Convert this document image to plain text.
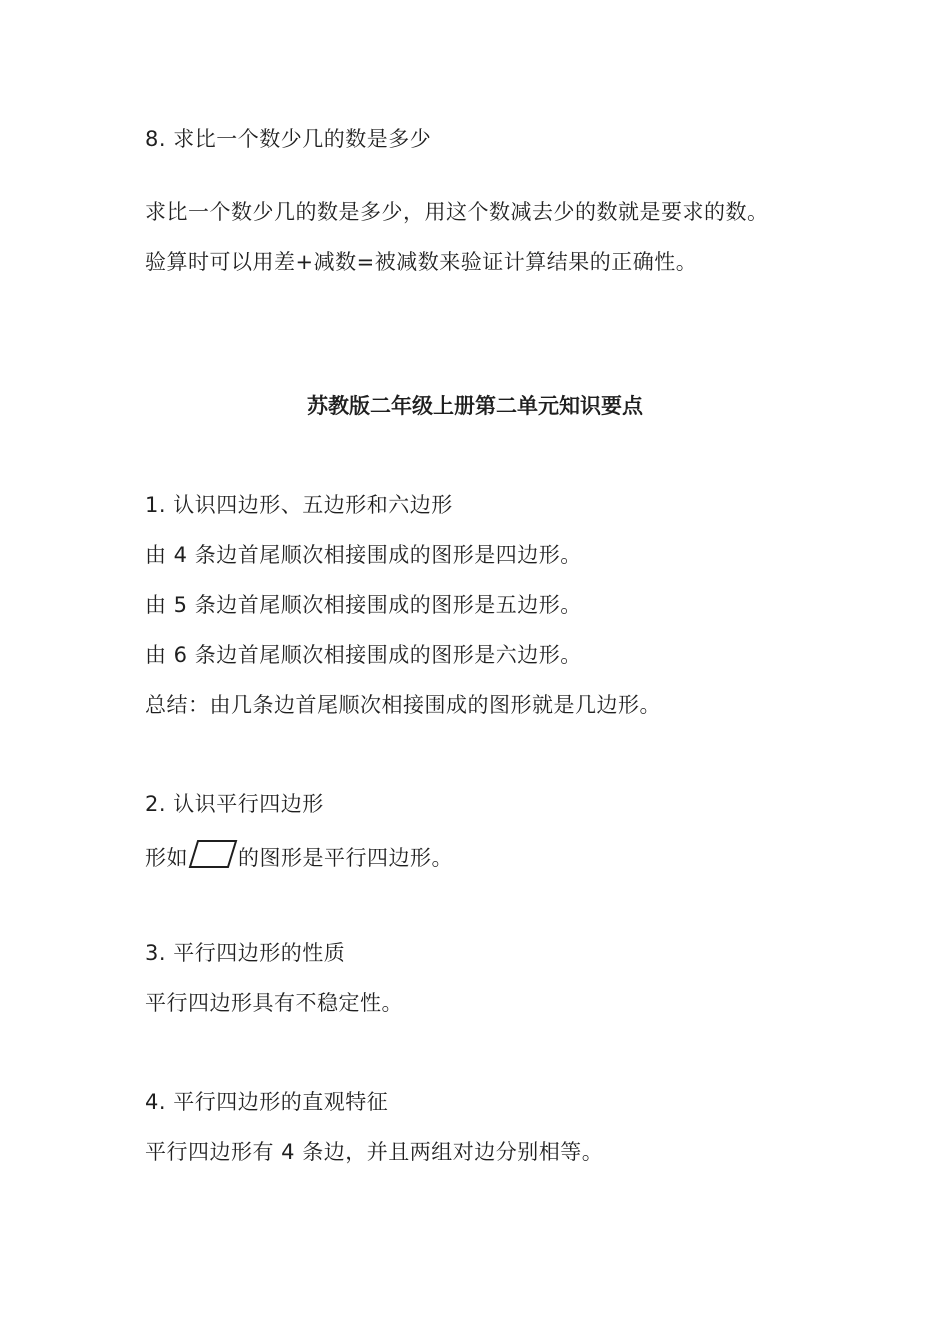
8. 求比一个数少几的数是多少
求比一个数少几的数是多少，用这个数减去少的数就是要求的数。
验算时可以用差+减数=被减数来验证计算结果的正确性。
苏教版二年级上册第二单元知识要点
1. 认识四边形、五边形和六边形
由 4 条边首尾顺次相接围成的图形是四边形。
由 5 条边首尾顺次相接围成的图形是五边形。
由 6 条边首尾顺次相接围成的图形是六边形。
总结：由几条边首尾顺次相接围成的图形就是几边形。
2. 认识平行四边形
形如 的图形是平行四边形。
3. 平行四边形的性质
平行四边形具有不稳定性。
4. 平行四边形的直观特征
平行四边形有 4 条边，并且两组对边分别相等。
